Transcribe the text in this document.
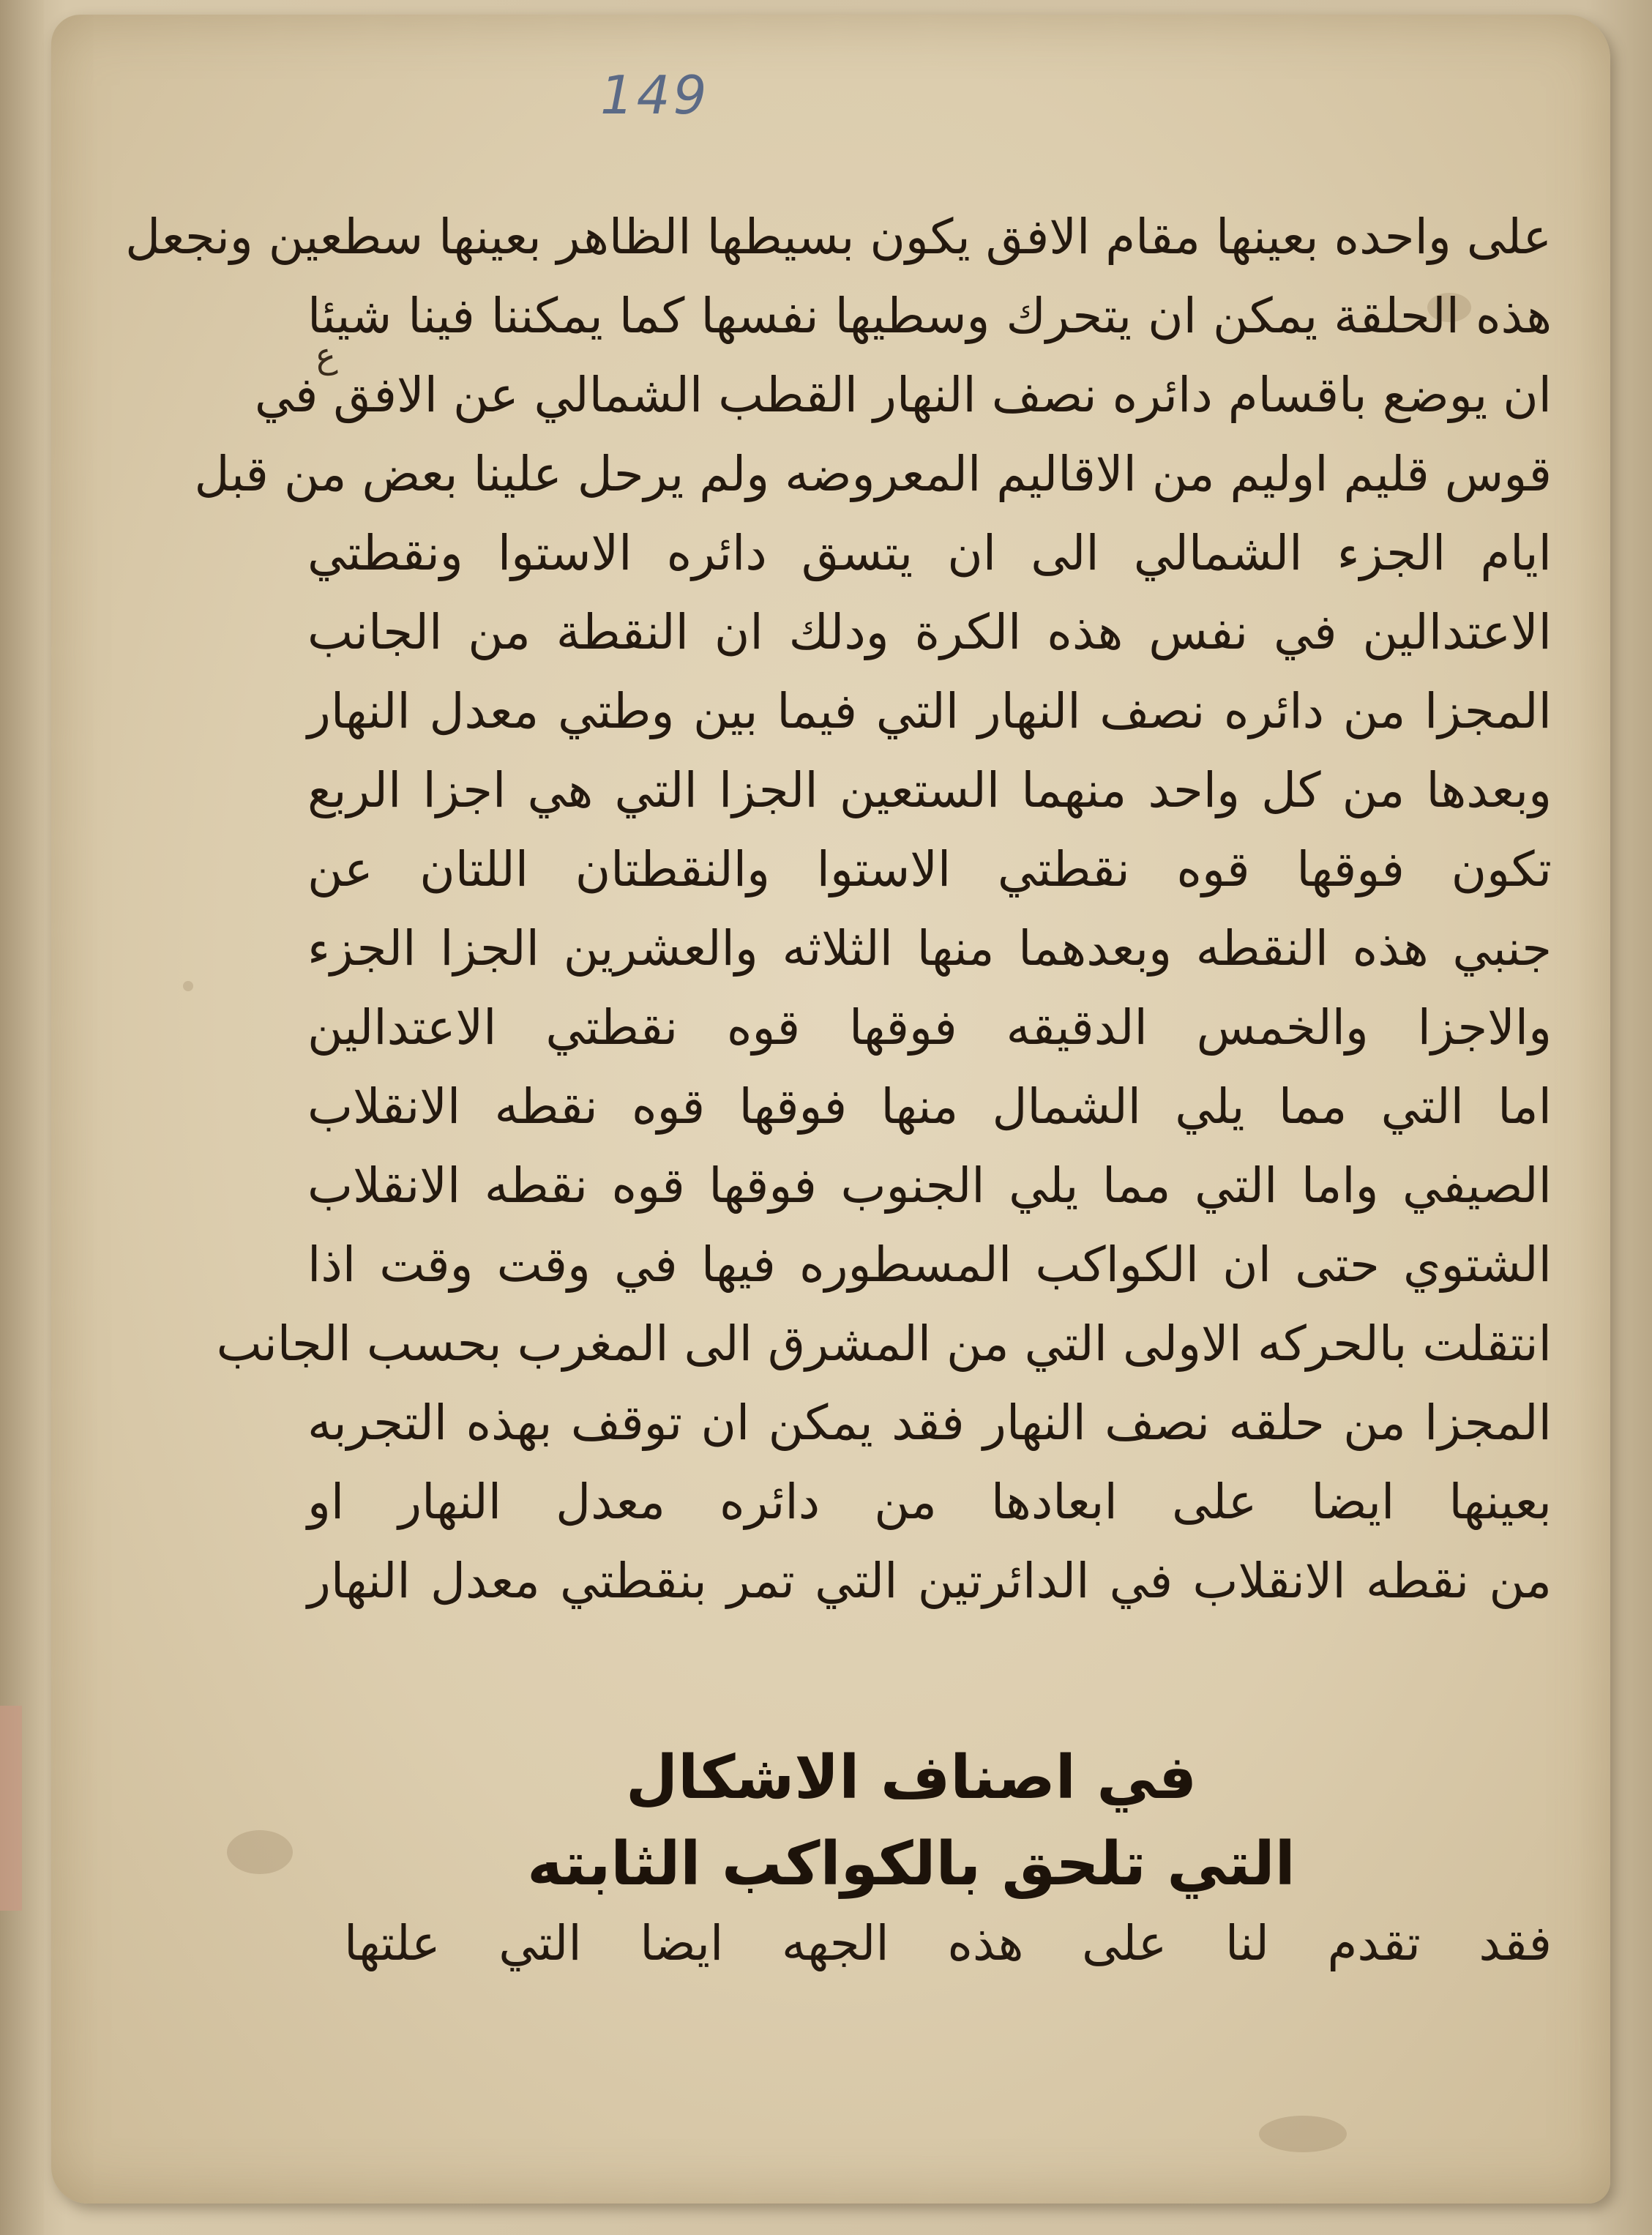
149
ع
على واحده بعينها مقام الافق يكون بسيطها الظاهر بعينها سطعين ونجعل
هذه الحلقة يمكن ان يتحرك وسطيها نفسها كما يمكننا فينا شيئا
ان يوضع باقسام دائره نصف النهار القطب الشمالي عن الافق في
قوس قليم اوليم من الاقاليم المعروضه ولم يرحل علينا بعض من قبل
ايام الجزء الشمالي الى ان يتسق دائره الاستوا ونقطتي
الاعتدالين في نفس هذه الكرة ودلك ان النقطة من الجانب
المجزا من دائره نصف النهار التي فيما بين وطتي معدل النهار
وبعدها من كل واحد منهما الستعين الجزا التي هي اجزا الربع
تكون فوقها قوه نقطتي الاستوا والنقطتان اللتان عن
جنبي هذه النقطه وبعدهما منها الثلاثه والعشرين الجزا الجزء
والاجزا والخمس الدقيقه فوقها قوه نقطتي الاعتدالين
اما التي مما يلي الشمال منها فوقها قوه نقطه الانقلاب
الصيفي واما التي مما يلي الجنوب فوقها قوه نقطه الانقلاب
الشتوي حتى ان الكواكب المسطوره فيها في وقت وقت اذا
انتقلت بالحركه الاولى التي من المشرق الى المغرب بحسب الجانب
المجزا من حلقه نصف النهار فقد يمكن ان توقف بهذه التجربه
بعينها ايضا على ابعادها من دائره معدل النهار او
من نقطه الانقلاب في الدائرتين التي تمر بنقطتي معدل النهار
في اصناف الاشكال
التي تلحق بالكواكب الثابته
فقد تقدم لنا على هذه الجهه ايضا التي علتها
